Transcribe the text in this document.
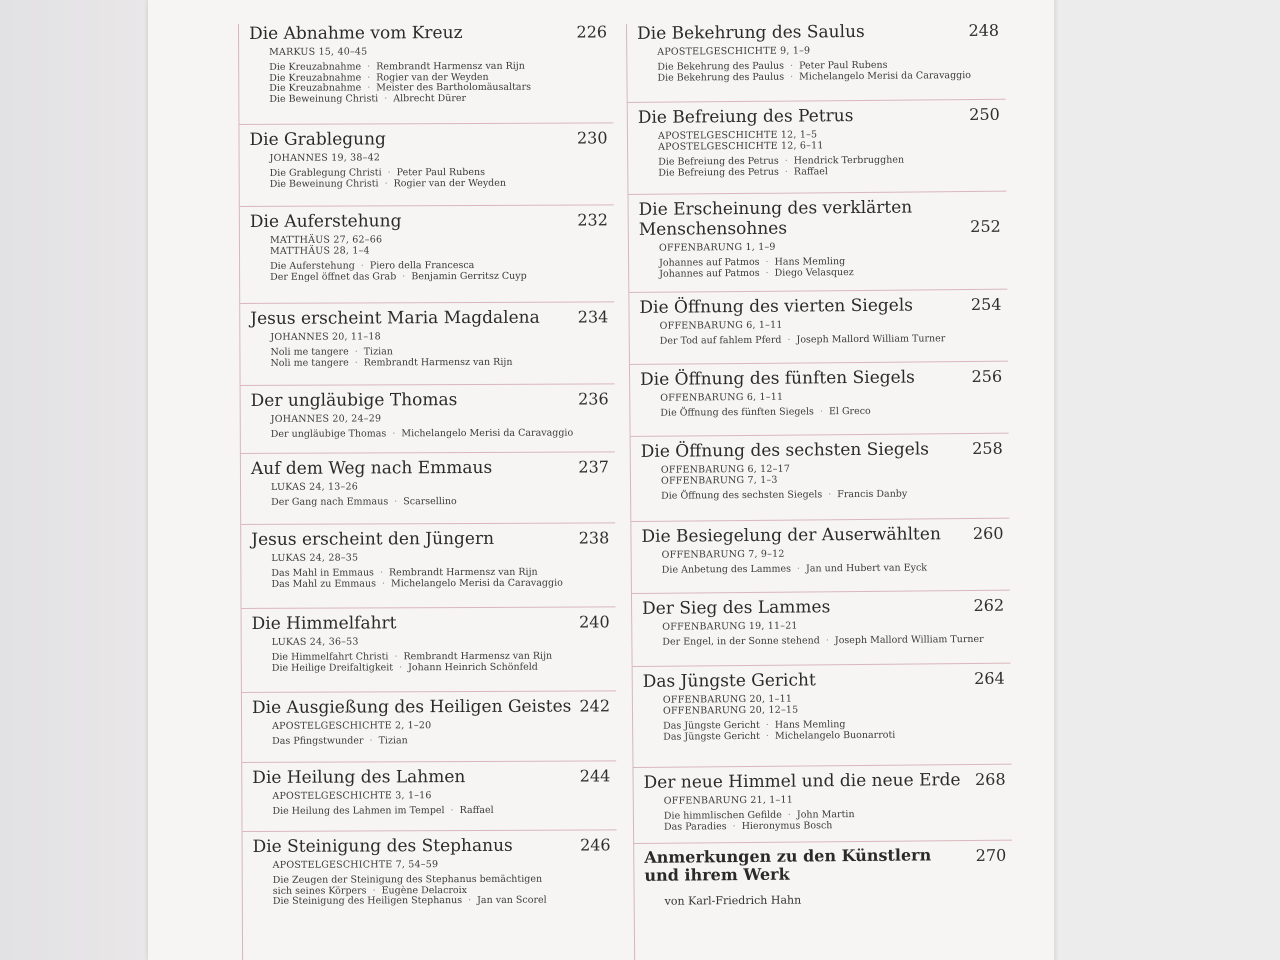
Die Abnahme vom Kreuz	226
MARKUS 15, 40–45
Die Kreuzabnahme · Rembrandt Harmensz van Rijn
Die Kreuzabnahme · Rogier van der Weyden
Die Kreuzabnahme · Meister des Bartholomäusaltars
Die Beweinung Christi · Albrecht Dürer
Die Grablegung	230
JOHANNES 19, 38–42
Die Grablegung Christi · Peter Paul Rubens
Die Beweinung Christi · Rogier van der Weyden
Die Auferstehung	232
MATTHÄUS 27, 62–66
MATTHÄUS 28, 1–4
Die Auferstehung · Piero della Francesca
Der Engel öffnet das Grab · Benjamin Gerritsz Cuyp
Jesus erscheint Maria Magdalena 234
JOHANNES 20, 11–18
Noli me tangere · Tizian
Noli me tangere · Rembrandt Harmensz van Rijn
Der ungläubige Thomas	236
JOHANNES 20, 24–29
Der ungläubige Thomas · Michelangelo Merisi da Caravaggio
Auf dem Weg nach Emmaus	237
LUKAS 24, 13–26
Der Gang nach Emmaus · Scarsellino
Jesus erscheint den Jüngern	238
LUKAS 24, 28–35
Das Mahl in Emmaus · Rembrandt Harmensz van Rijn
Das Mahl zu Emmaus · Michelangelo Merisi da Caravaggio
Die Himmelfahrt	240
LUKAS 24, 36–53
Die Himmelfahrt Christi · Rembrandt Harmensz van Rijn
Die Heilige Dreifaltigkeit · Johann Heinrich Schönfeld
Die Ausgießung des Heiligen Geistes 242
APOSTELGESCHICHTE 2, 1–20
Das Pfingstwunder · Tizian
Die Heilung des Lahmen	244
APOSTELGESCHICHTE 3, 1–16
Die Heilung des Lahmen im Tempel · Raffael
Die Steinigung des Stephanus	246
APOSTELGESCHICHTE 7, 54–59
Die Zeugen der Steinigung des Stephanus bemächtigen
sich seines Körpers · Eugène Delacroix
Die Steinigung des Heiligen Stephanus · Jan van Scorel
Die Bekehrung des Saulus	248
APOSTELGESCHICHTE 9, 1–9
Die Bekehrung des Paulus · Peter Paul Rubens
Die Bekehrung des Paulus · Michelangelo Merisi da Caravaggio
Die Befreiung des Petrus	250
APOSTELGESCHICHTE 12, 1–5
APOSTELGESCHICHTE 12, 6–11
Die Befreiung des Petrus · Hendrick Terbrugghen
Die Befreiung des Petrus · Raffael
Die Erscheinung des verklärten
Menschensohnes	252
OFFENBARUNG 1, 1–9
Johannes auf Patmos · Hans Memling
Johannes auf Patmos · Diego Velasquez
Die Öffnung des vierten Siegels	254
OFFENBARUNG 6, 1–11
Der Tod auf fahlem Pferd · Joseph Mallord William Turner
Die Öffnung des fünften Siegels	256
OFFENBARUNG 6, 1–11
Die Öffnung des fünften Siegels · El Greco
Die Öffnung des sechsten Siegels	258
OFFENBARUNG 6, 12–17
OFFENBARUNG 7, 1–3
Die Öffnung des sechsten Siegels · Francis Danby
Die Besiegelung der Auserwählten 260
OFFENBARUNG 7, 9–12
Die Anbetung des Lammes · Jan und Hubert van Eyck
Der Sieg des Lammes	262
OFFENBARUNG 19, 11–21
Der Engel, in der Sonne stehend · Joseph Mallord William Turner
Das Jüngste Gericht	264
OFFENBARUNG 20, 1–11
OFFENBARUNG 20, 12–15
Das Jüngste Gericht · Hans Memling
Das Jüngste Gericht · Michelangelo Buonarroti
Der neue Himmel und die neue Erde 268
OFFENBARUNG 21, 1–11
Die himmlischen Gefilde · John Martin
Das Paradies · Hieronymus Bosch
Anmerkungen zu den Künstlern
und ihrem Werk
270
von Karl-Friedrich Hahn
